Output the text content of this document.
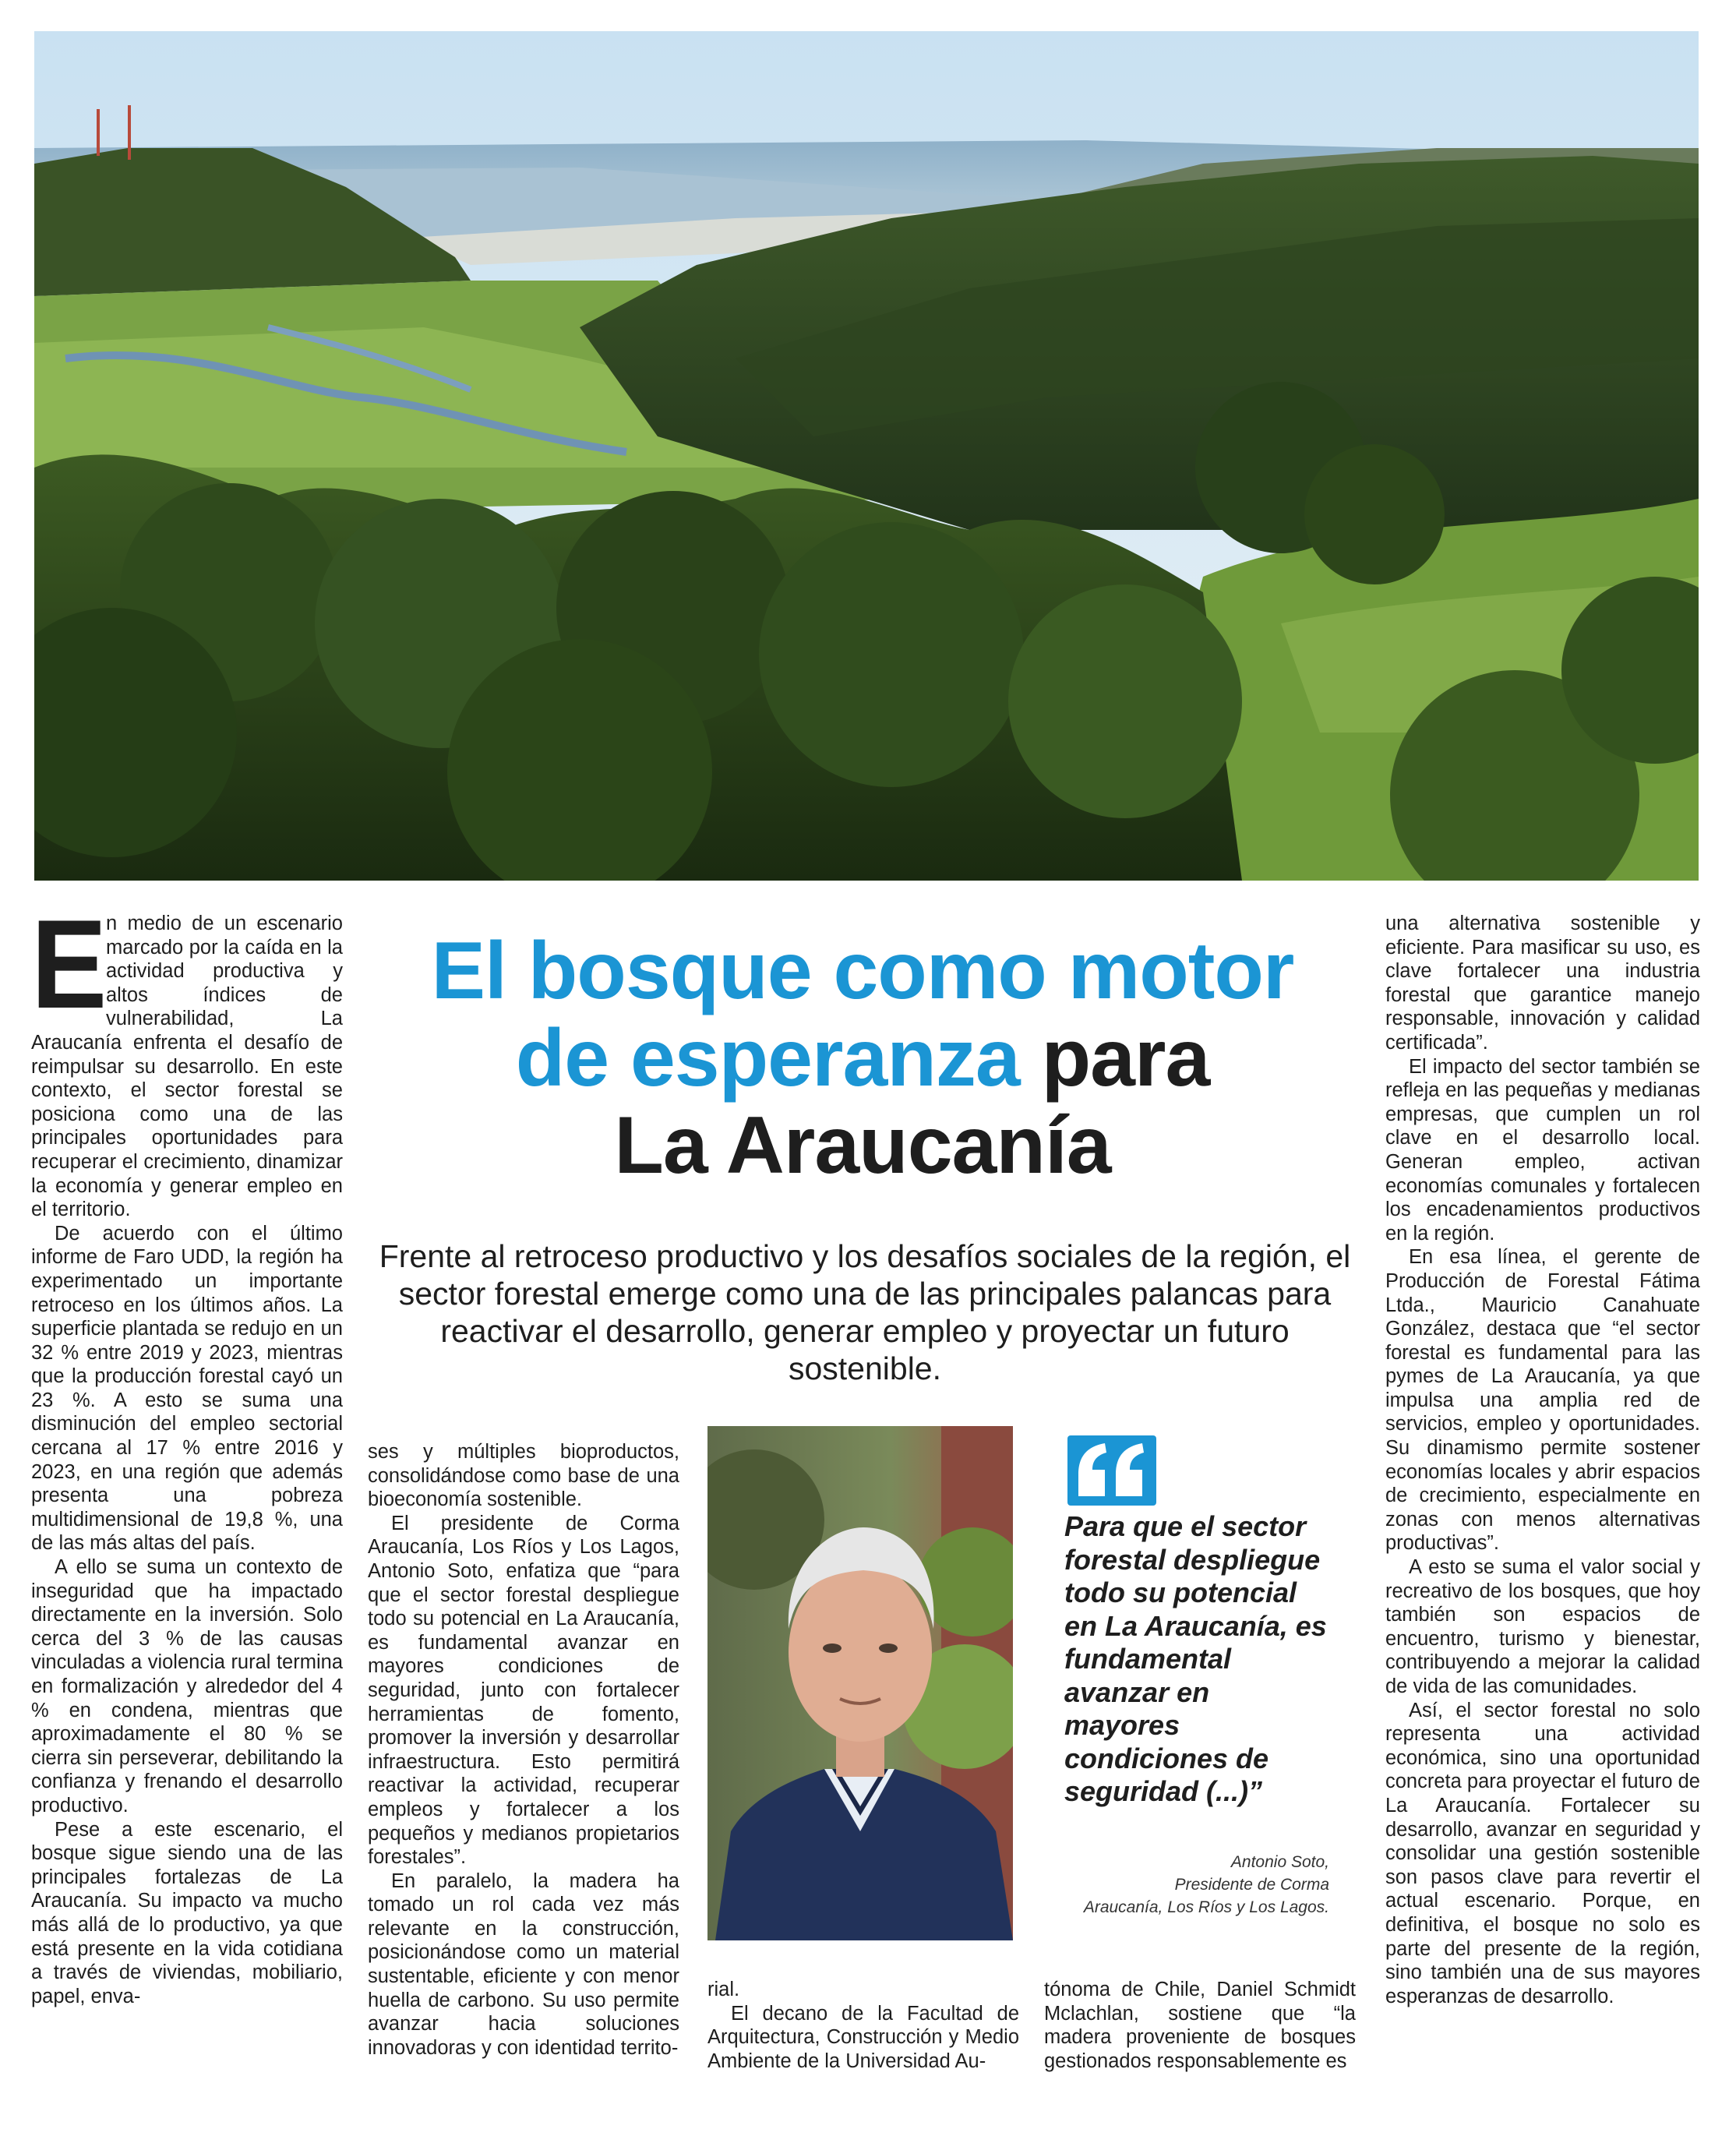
E

n medio de un escenario marcado por la caída en la actividad productiva y altos índices de vulnerabilidad, La Araucanía enfrenta el desafío de reimpulsar su desarrollo. En este contexto, el sector forestal se posiciona como una de las principales oportunidades para recuperar el crecimiento, dinamizar la economía y generar empleo en el territorio.

De acuerdo con el último informe de Faro UDD, la región ha experimentado un importante retroceso en los últimos años. La superficie plantada se redujo en un 32 % entre 2019 y 2023, mientras que la producción forestal cayó un 23 %. A esto se suma una disminución del empleo sectorial cercana al 17 % entre 2016 y 2023, en una región que además presenta una pobreza multidimensional de 19,8 %, una de las más altas del país.

A ello se suma un contexto de inseguridad que ha impactado directamente en la inversión. Solo cerca del 3 % de las causas vinculadas a violencia rural termina en formalización y alrededor del 4 % en condena, mientras que aproximadamente el 80 % se cierra sin perseverar, debilitando la confianza y frenando el desarrollo productivo.

Pese a este escenario, el bosque sigue siendo una de las principales fortalezas de La Araucanía. Su impacto va mucho más allá de lo productivo, ya que está presente en la vida cotidiana a través de viviendas, mobiliario, papel, enva-

El bosque como motor
de esperanza para
La Araucanía
Frente al retroceso productivo y los desafíos sociales de la región, el sector forestal emerge como una de las principales palancas para reactivar el desarrollo, generar empleo y proyectar un futuro sostenible.

ses y múltiples bioproductos, consolidándose como base de una bioeconomía sostenible.

El presidente de Corma Araucanía, Los Ríos y Los Lagos, Antonio Soto, enfatiza que “para que el sector forestal despliegue todo su potencial en La Araucanía, es fundamental avanzar en mayores condiciones de seguridad, junto con fortalecer herramientas de fomento, promover la inversión y desarrollar infraestructura. Esto permitirá reactivar la actividad, recuperar empleos y fortalecer a los pequeños y medianos propietarios forestales”.

En paralelo, la madera ha tomado un rol cada vez más relevante en la construcción, posicionándose como un material sustentable, eficiente y con menor huella de carbono. Su uso permite avanzar hacia soluciones innovadoras y con identidad territo-

rial.

El decano de la Facultad de Arquitectura, Construcción y Medio Ambiente de la Universidad Au-

Para que el sector forestal despliegue todo su potencial en La Araucanía, es fundamental avanzar en mayores condiciones de seguridad (...)”
Antonio Soto,
Presidente de Corma
Araucanía, Los Ríos y Los Lagos.

tónoma de Chile, Daniel Schmidt Mclachlan, sostiene que “la madera proveniente de bosques gestionados responsablemente es

una alternativa sostenible y eficiente. Para masificar su uso, es clave fortalecer una industria forestal que garantice manejo responsable, innovación y calidad certificada”.

El impacto del sector también se refleja en las pequeñas y medianas empresas, que cumplen un rol clave en el desarrollo local. Generan empleo, activan economías comunales y fortalecen los encadenamientos productivos en la región.

En esa línea, el gerente de Producción de Forestal Fátima Ltda., Mauricio Canahuate González, destaca que “el sector forestal es fundamental para las pymes de La Araucanía, ya que impulsa una amplia red de servicios, empleo y oportunidades. Su dinamismo permite sostener economías locales y abrir espacios de crecimiento, especialmente en zonas con menos alternativas productivas”.

A esto se suma el valor social y recreativo de los bosques, que hoy también son espacios de encuentro, turismo y bienestar, contribuyendo a mejorar la calidad de vida de las comunidades.

Así, el sector forestal no solo representa una actividad económica, sino una oportunidad concreta para proyectar el futuro de La Araucanía. Fortalecer su desarrollo, avanzar en seguridad y consolidar una gestión sostenible son pasos clave para revertir el actual escenario. Porque, en definitiva, el bosque no solo es parte del presente de la región, sino también una de sus mayores esperanzas de desarrollo.
